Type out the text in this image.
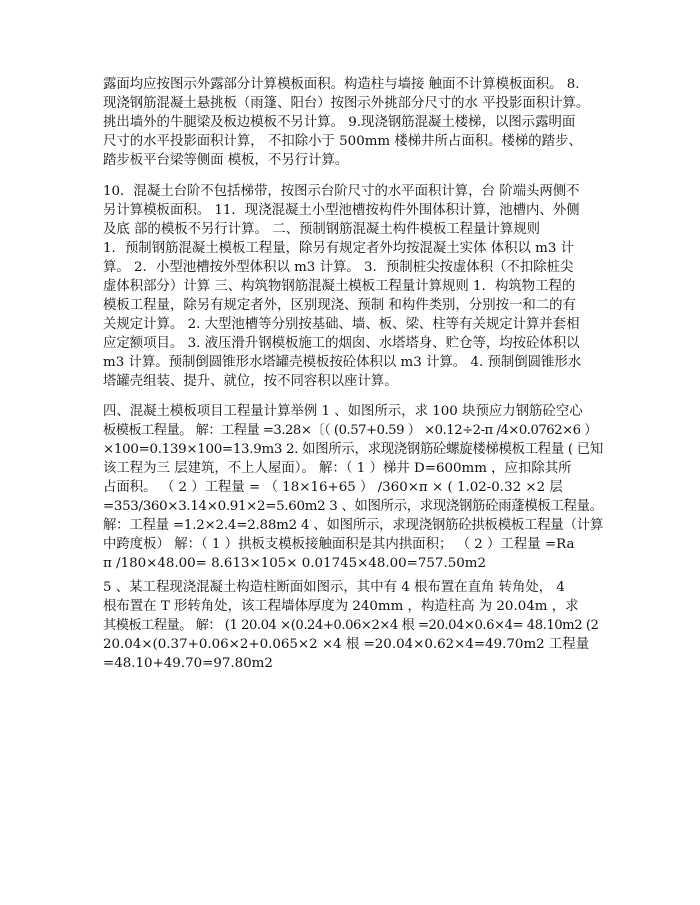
露面均应按图示外露部分计算模板面积。构造柱与墙接 触面不计算模板面积。 8.
现浇钢筋混凝土悬挑板（雨篷、阳台）按图示外挑部分尺寸的水 平投影面积计算。
挑出墙外的牛腿梁及板边模板不另计算。 9.现浇钢筋混凝土楼梯，以图示露明面
尺寸的水平投影面积计算， 不扣除小于 500mm 楼梯井所占面积。楼梯的踏步、
踏步板平台梁等侧面 模板，不另行计算。
10．混凝土台阶不包括梯带，按图示台阶尺寸的水平面积计算，台 阶端头两侧不
另计算模板面积。 11．现浇混凝土小型池槽按构件外围体积计算，池槽内、外侧
及底 部的模板不另行计算。 二、预制钢筋混凝土构件模板工程量计算规则
1．预制钢筋混凝土模板工程量，除另有规定者外均按混凝土实体 体积以 m3 计
算。 2．小型池槽按外型体积以 m3 计算。 3．预制桩尖按虚体积（不扣除桩尖
虚体积部分）计算 三、构筑物钢筋混凝土模板工程量计算规则 1．构筑物工程的
模板工程量，除另有规定者外，区别现浇、预制 和构件类别，分别按一和二的有
关规定计算。 2. 大型池槽等分别按基础、墙、板、梁、柱等有关规定计算并套相
应定额项目。 3. 液压滑升钢模板施工的烟囱、水塔塔身、贮仓等，均按砼体积以
m3 计算。预制倒圆锥形水塔罐壳模板按砼体积以 m3 计算。 4. 预制倒圆锥形水
塔罐壳组装、提升、就位，按不同容积以座计算。
四、混凝土模板项目工程量计算举例 1 、如图所示，求 100 块预应力钢筋砼空心
板模板工程量。 解：工程量 =3.28×〔（ (0.57+0.59 ） ×0.12÷2-π /4×0.0762×6 ）
×100=0.139×100=13.9m3 2. 如图所示，求现浇钢筋砼螺旋楼梯模板工程量 ( 已知
该工程为三 层建筑，不上人屋面）。 解：（ 1 ）梯井 D=600mm ，应扣除其所
占面积。 （ 2 ）工程量 = （ 18×16+65 ） /360×π × ( 1.02-0.32 ×2 层
=353/360×3.14×0.91×2=5.60m2 3 、如图所示，求现浇钢筋砼雨蓬模板工程量。
解：工程量 =1.2×2.4=2.88m2 4 、如图所示，求现浇钢筋砼拱板模板工程量（计算
中跨度板） 解：（ 1 ）拱板支模板接触面积是其内拱面积； （ 2 ）工程量 =Ra
π /180×48.00= 8.613×105× 0.01745×48.00=757.50m2
5 、某工程现浇混凝土构造柱断面如图示，其中有 4 根布置在直角 转角处， 4
根布置在 T 形转角处，该工程墙体厚度为 240mm ，构造柱高 为 20.04m ，求
其模板工程量。 解： (1 20.04 ×(0.24+0.06×2×4 根 =20.04×0.6×4= 48.10m2 (2
20.04×(0.37+0.06×2+0.065×2 ×4 根 =20.04×0.62×4=49.70m2 工程量
=48.10+49.70=97.80m2
